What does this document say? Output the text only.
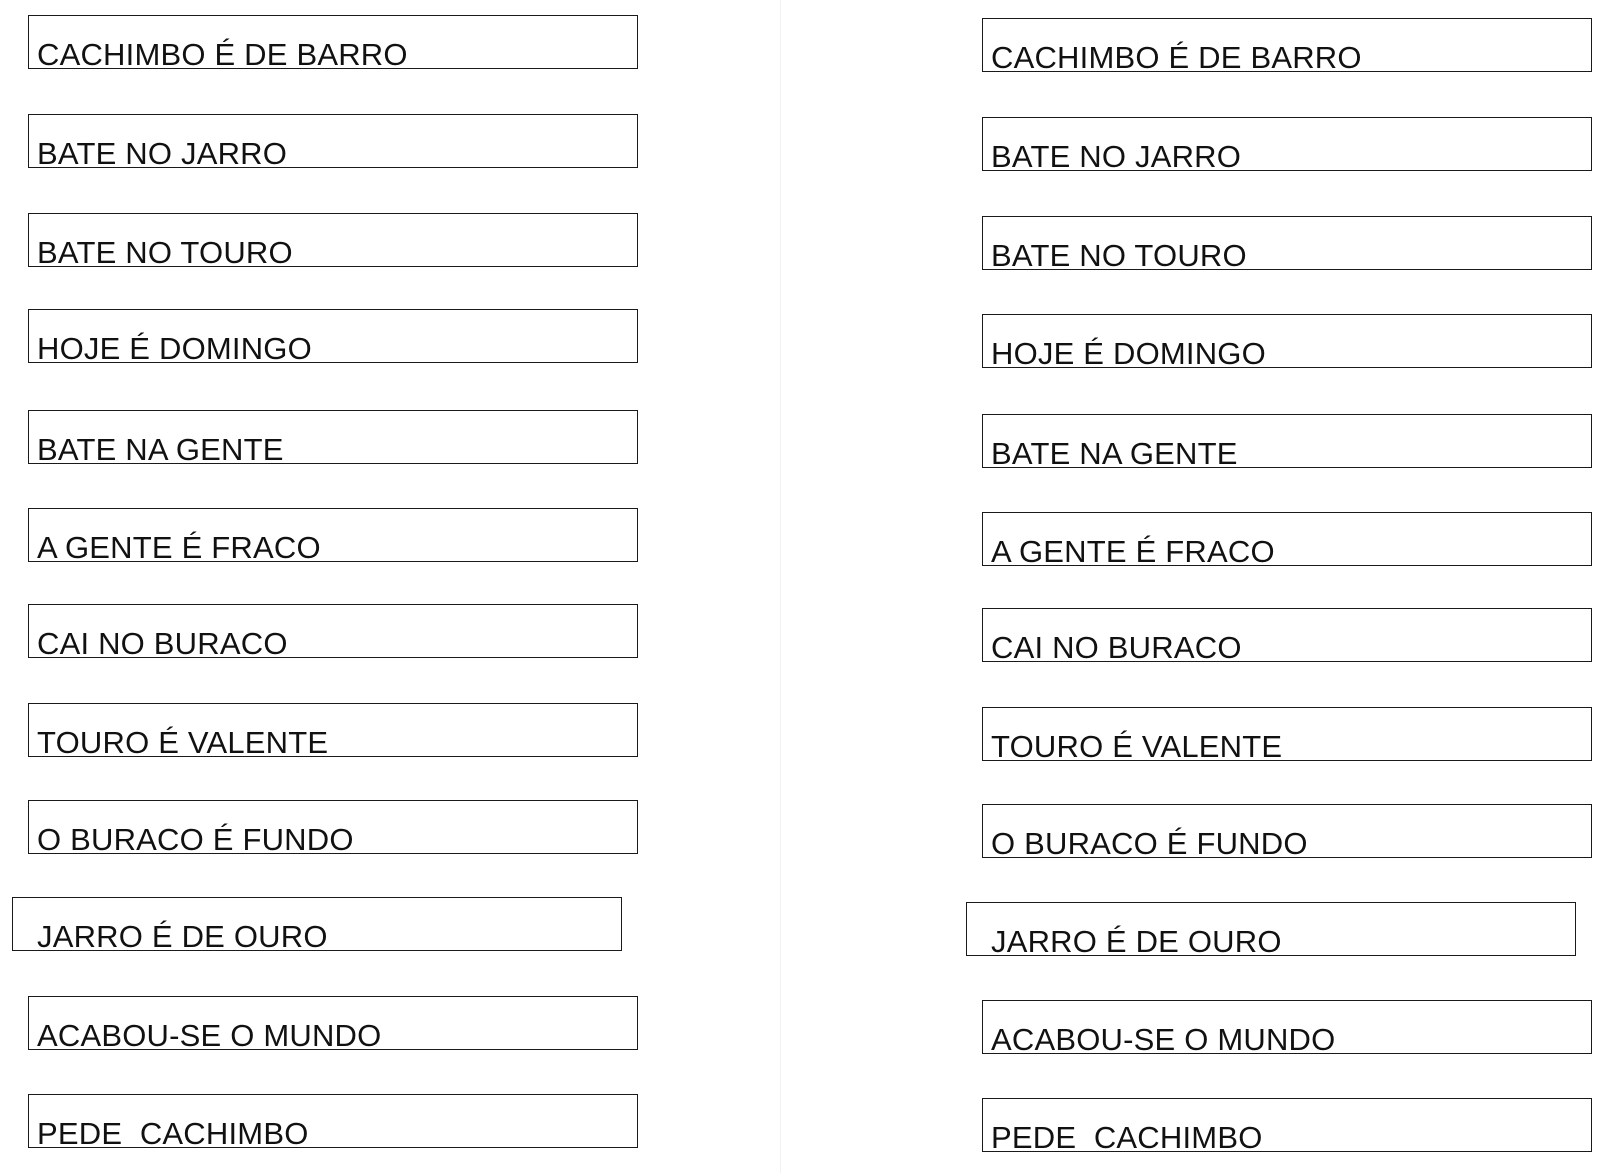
CACHIMBO É DE BARRO
BATE NO JARRO
BATE NO TOURO
HOJE É DOMINGO
BATE NA GENTE
A GENTE É FRACO
CAI NO BURACO
TOURO É VALENTE
O BURACO É FUNDO
JARRO É DE OURO
ACABOU-SE O MUNDO
PEDE  CACHIMBO
CACHIMBO É DE BARRO
BATE NO JARRO
BATE NO TOURO
HOJE É DOMINGO
BATE NA GENTE
A GENTE É FRACO
CAI NO BURACO
TOURO É VALENTE
O BURACO É FUNDO
JARRO É DE OURO
ACABOU-SE O MUNDO
PEDE  CACHIMBO
